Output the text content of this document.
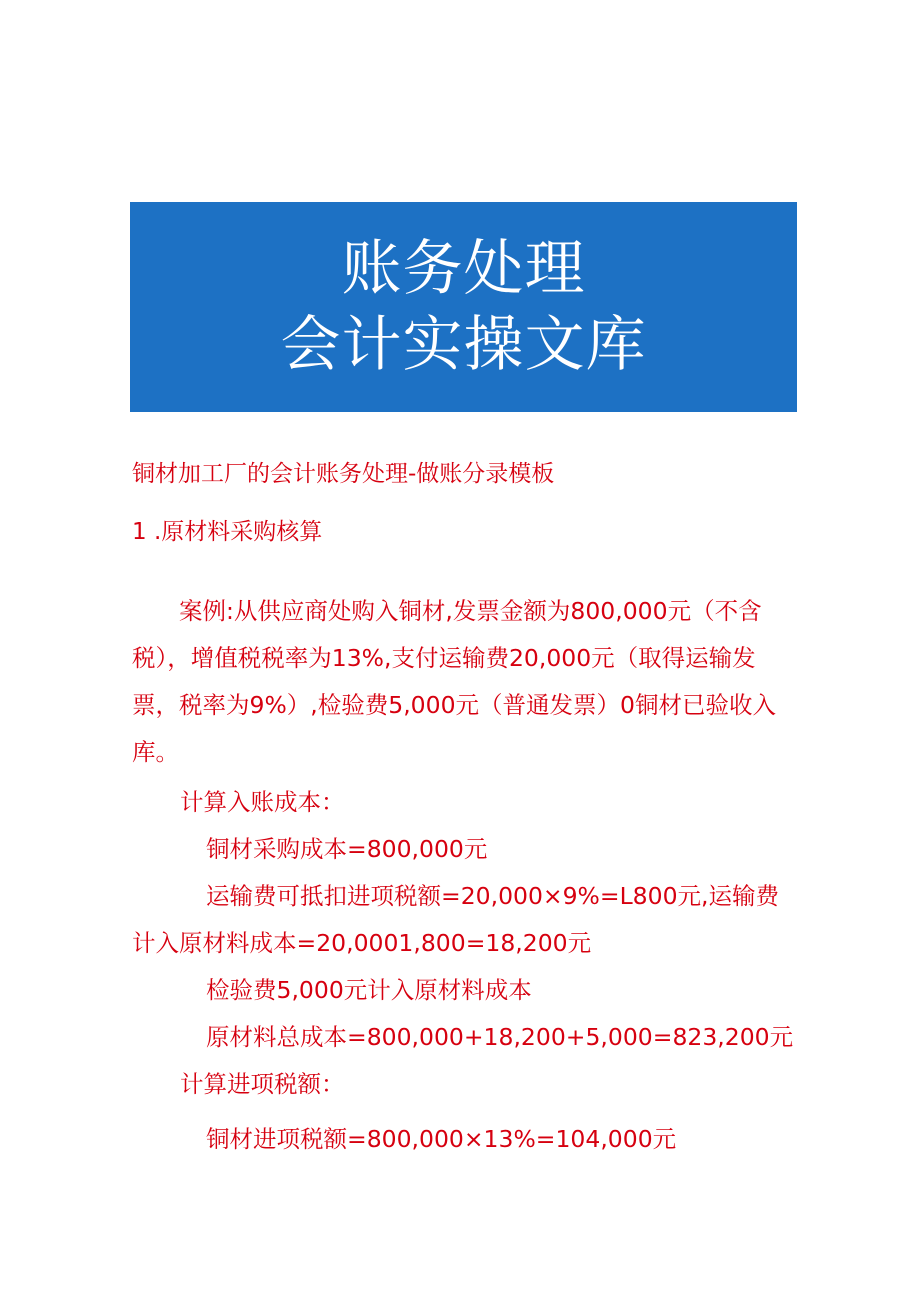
账务处理
会计实操文库
铜材加工厂的会计账务处理-做账分录模板
1 .原材料采购核算

案例:从供应商处购入铜材,发票金额为800,000元（不含税），增值税税率为13%,支付运输费20,000元（取得运输发票，税率为9%）,检验费5,000元（普通发票）0铜材已验收入库。

计算入账成本：
铜材采购成本=800,000元
运输费可抵扣进项税额=20,000×9%=L800元,运输费
计入原材料成本=20,0001,800=18,200元
检验费5,000元计入原材料成本
原材料总成本=800,000+18,200+5,000=823,200元
计算进项税额：
铜材进项税额=800,000×13%=104,000元
